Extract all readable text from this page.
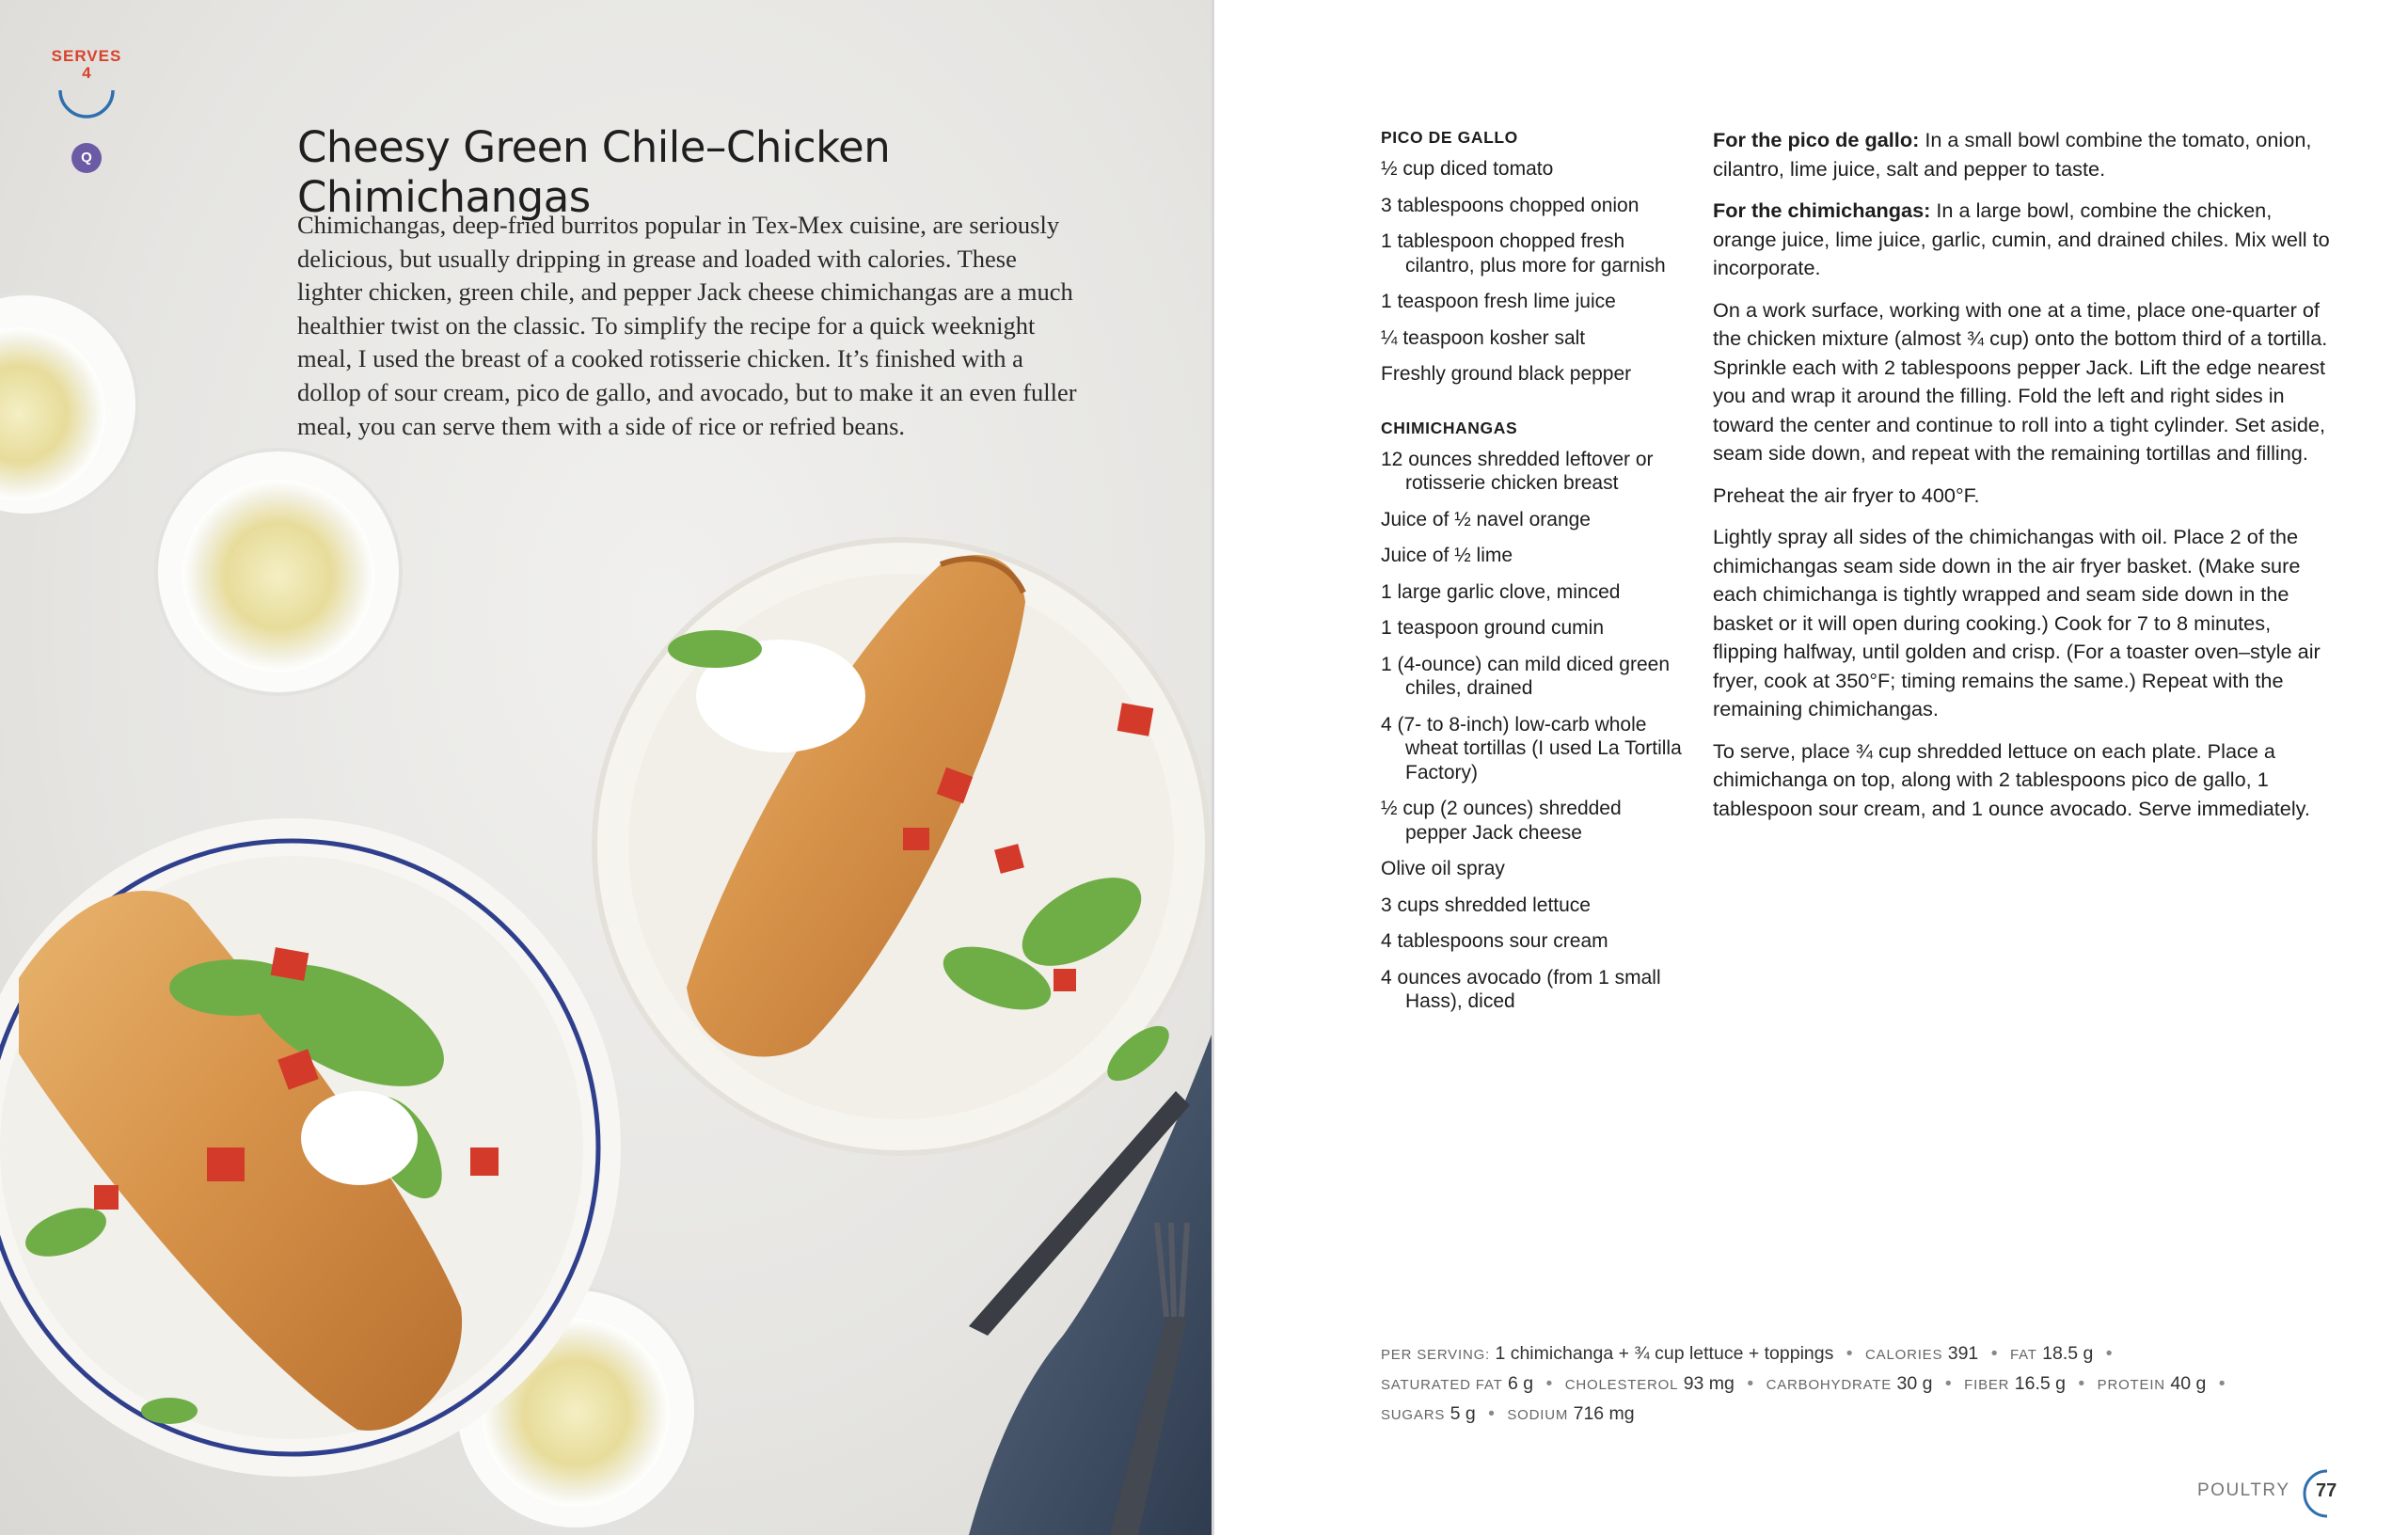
SERVES
4
Q	Cheesy Green Chile–Chicken Chimichangas

Chimichangas, deep-fried burritos popular in Tex-Mex cuisine, are seriously delicious, but usually dripping in grease and loaded with calories. These lighter chicken, green chile, and pepper Jack cheese chimichangas are a much healthier twist on the classic. To simplify the recipe for a quick weeknight meal, I used the breast of a cooked rotisserie chicken. It’s finished with a dollop of sour cream, pico de gallo, and avocado, but to make it an even fuller meal, you can serve them with a side of rice or refried beans.

PICO DE GALLO
½ cup diced tomato
3 tablespoons chopped onion
1 tablespoon chopped fresh cilantro, plus more for garnish
1 teaspoon fresh lime juice
¼ teaspoon kosher salt
Freshly ground black pepper
CHIMICHANGAS
12 ounces shredded leftover or rotisserie chicken breast
Juice of ½ navel orange
Juice of ½ lime
1 large garlic clove, minced
1 teaspoon ground cumin
1 (4-ounce) can mild diced green chiles, drained
4 (7- to 8-inch) low-carb whole wheat tortillas (I used La Tortilla Factory)
½ cup (2 ounces) shredded pepper Jack cheese
Olive oil spray
3 cups shredded lettuce
4 tablespoons sour cream
4 ounces avocado (from 1 small Hass), diced

For the pico de gallo: In a small bowl combine the tomato, onion, cilantro, lime juice, salt and pepper to taste.

For the chimichangas: In a large bowl, combine the chicken, orange juice, lime juice, garlic, cumin, and drained chiles. Mix well to incorporate.

On a work surface, working with one at a time, place one-quarter of the chicken mixture (almost ¾ cup) onto the bottom third of a tortilla. Sprinkle each with 2 tablespoons pepper Jack. Lift the edge nearest you and wrap it around the filling. Fold the left and right sides in toward the center and continue to roll into a tight cylinder. Set aside, seam side down, and repeat with the remaining tortillas and filling.

Preheat the air fryer to 400°F.

Lightly spray all sides of the chimichangas with oil. Place 2 of the chimichangas seam side down in the air fryer basket. (Make sure each chimichanga is tightly wrapped and seam side down in the basket or it will open during cooking.) Cook for 7 to 8 minutes, flipping halfway, until golden and crisp. (For a toaster oven–style air fryer, cook at 350°F; timing remains the same.) Repeat with the remaining chimichangas.

To serve, place ¾ cup shredded lettuce on each plate. Place a chimichanga on top, along with 2 tablespoons pico de gallo, 1 tablespoon sour cream, and 1 ounce avocado. Serve immediately.

PER SERVING: 1 chimichanga + ¾ cup lettuce + toppings • CALORIES 391 • FAT 18.5 g •
SATURATED FAT 6 g • CHOLESTEROL 93 mg • CARBOHYDRATE 30 g • FIBER 16.5 g • PROTEIN 40 g •
SUGARS 5 g • SODIUM 716 mg
POULTRY 77
